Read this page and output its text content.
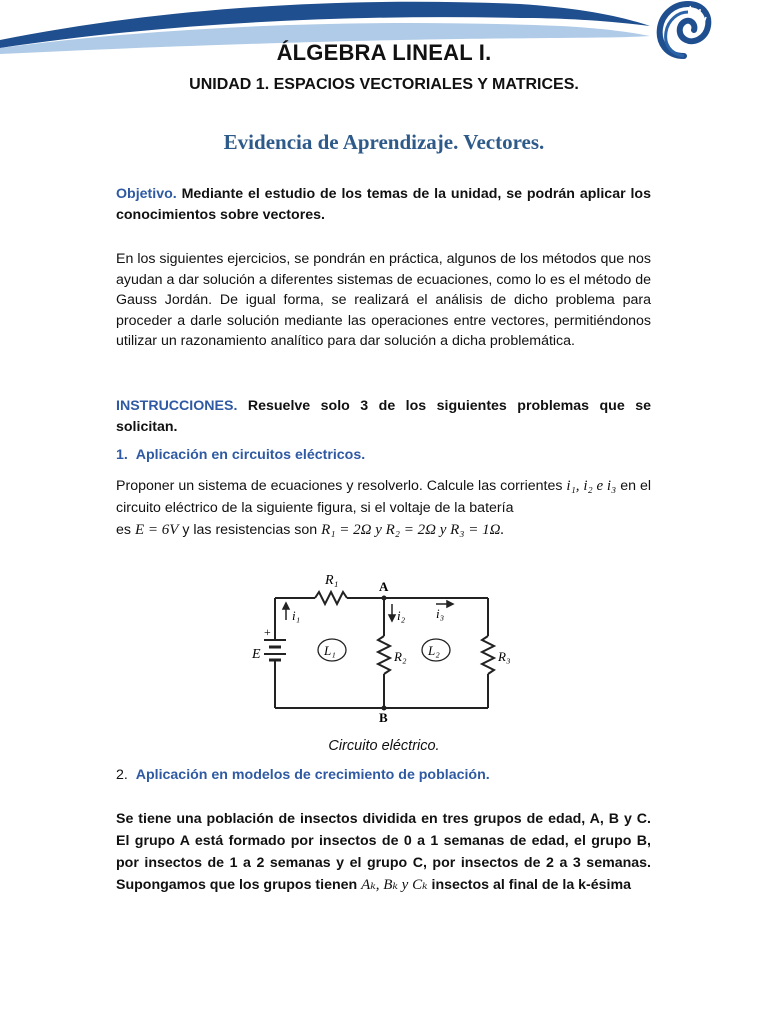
ÁLGEBRA LINEAL I.
UNIDAD 1. ESPACIOS VECTORIALES Y MATRICES.
Evidencia de Aprendizaje. Vectores.
Objetivo. Mediante el estudio de los temas de la unidad, se podrán aplicar los conocimientos sobre vectores.
En los siguientes ejercicios, se pondrán en práctica, algunos de los métodos que nos ayudan a dar solución a diferentes sistemas de ecuaciones, como lo es el método de Gauss Jordán. De igual forma, se realizará el análisis de dicho problema para proceder a darle solución mediante las operaciones entre vectores, permitiéndonos utilizar un razonamiento analítico para dar solución a dicha problemática.
INSTRUCCIONES. Resuelve solo 3 de los siguientes problemas que se solicitan.
1. Aplicación en circuitos eléctricos.
Proponer un sistema de ecuaciones y resolverlo. Calcule las corrientes i₁, i₂ e i₃ en el circuito eléctrico de la siguiente figura, si el voltaje de la batería
es E = 6V y las resistencias son R₁ = 2Ω y R₂ = 2Ω y R₃ = 1Ω.
R₁	A
B
i₁	i₂ i₃
L₁	L₂
R₂	R₃
E
+
Circuito eléctrico.
2. Aplicación en modelos de crecimiento de población.
Se tiene una población de insectos dividida en tres grupos de edad, A, B y C. El grupo A está formado por insectos de 0 a 1 semanas de edad, el grupo B, por insectos de 1 a 2 semanas y el grupo C, por insectos de 2 a 3 semanas. Supongamos que los grupos tienen Aₖ, Bₖ y Cₖ insectos al final de la k-ésima
